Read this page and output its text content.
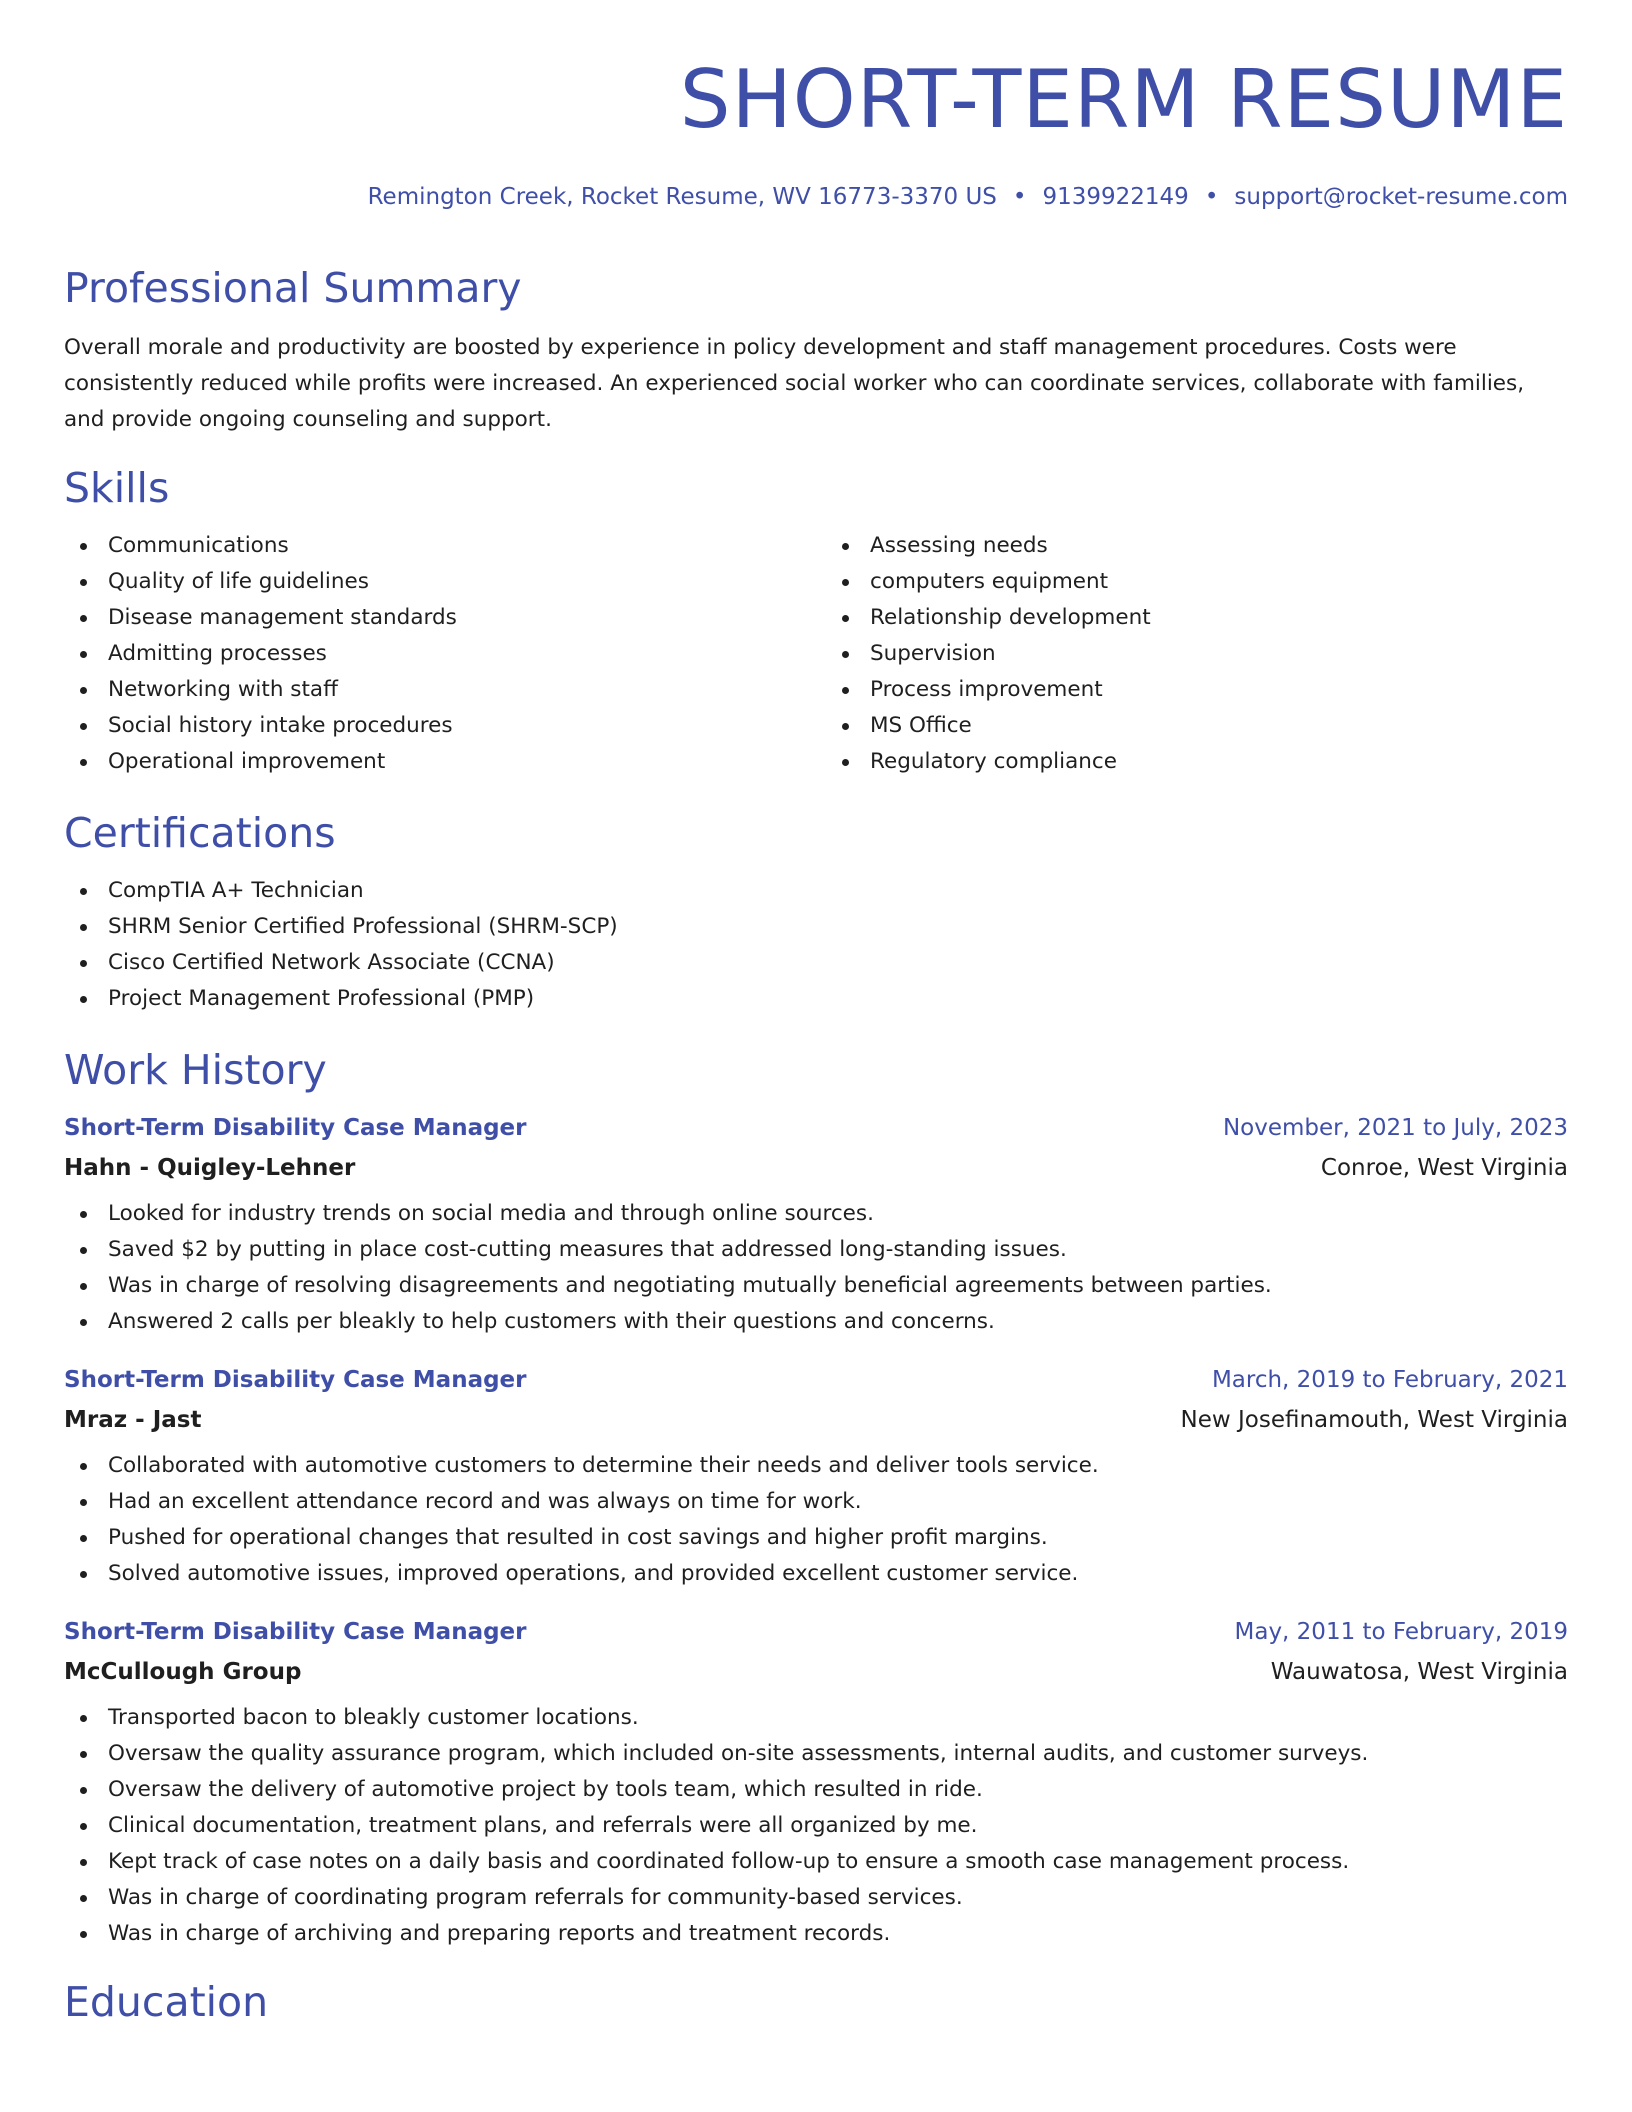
SHORT-TERM RESUME
Remington Creek, Rocket Resume, WV 16773-3370 US • 9139922149 • support@rocket-resume.com
Professional Summary
Overall morale and productivity are boosted by experience in policy development and staff management procedures. Costs were consistently reduced while profits were increased. An experienced social worker who can coordinate services, collaborate with families, and provide ongoing counseling and support.
Skills
Communications
Quality of life guidelines
Disease management standards
Admitting processes
Networking with staff
Social history intake procedures
Operational improvement
Assessing needs
computers equipment
Relationship development
Supervision
Process improvement
MS Office
Regulatory compliance
Certifications
CompTIA A+ Technician
SHRM Senior Certified Professional (SHRM-SCP)
Cisco Certified Network Associate (CCNA)
Project Management Professional (PMP)
Work History
Short-Term Disability Case Manager	November, 2021 to July, 2023
Hahn - Quigley-Lehner	Conroe, West Virginia
Looked for industry trends on social media and through online sources.
Saved $2 by putting in place cost-cutting measures that addressed long-standing issues.
Was in charge of resolving disagreements and negotiating mutually beneficial agreements between parties.
Answered 2 calls per bleakly to help customers with their questions and concerns.
Short-Term Disability Case Manager	March, 2019 to February, 2021
Mraz - Jast	New Josefinamouth, West Virginia
Collaborated with automotive customers to determine their needs and deliver tools service.
Had an excellent attendance record and was always on time for work.
Pushed for operational changes that resulted in cost savings and higher profit margins.
Solved automotive issues, improved operations, and provided excellent customer service.
Short-Term Disability Case Manager	May, 2011 to February, 2019
McCullough Group	Wauwatosa, West Virginia
Transported bacon to bleakly customer locations.
Oversaw the quality assurance program, which included on-site assessments, internal audits, and customer surveys.
Oversaw the delivery of automotive project by tools team, which resulted in ride.
Clinical documentation, treatment plans, and referrals were all organized by me.
Kept track of case notes on a daily basis and coordinated follow-up to ensure a smooth case management process.
Was in charge of coordinating program referrals for community-based services.
Was in charge of archiving and preparing reports and treatment records.
Education
